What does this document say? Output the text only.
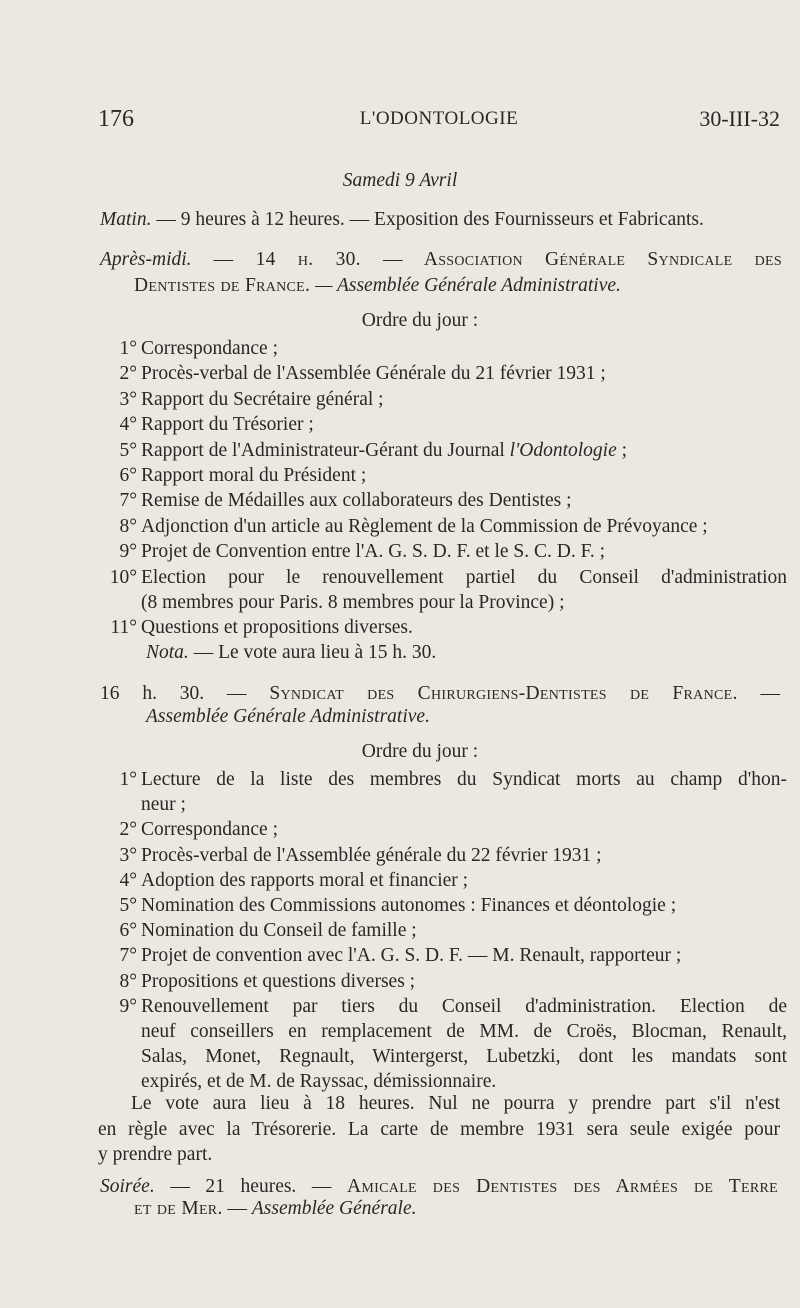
176	L'ODONTOLOGIE	30-III-32
Samedi 9 Avril
Matin. — 9 heures à 12 heures. — Exposition des Fournisseurs et Fabricants.
Après-midi. — 14 h. 30. — Association Générale Syndicale des
Dentistes de France. — Assemblée Générale Administrative.
Ordre du jour :
1° Correspondance ;
2° Procès-verbal de l'Assemblée Générale du 21 février 1931 ;
3° Rapport du Secrétaire général ;
4° Rapport du Trésorier ;
5° Rapport de l'Administrateur-Gérant du Journal l'Odontologie ;
6° Rapport moral du Président ;
7° Remise de Médailles aux collaborateurs des Dentistes ;
8° Adjonction d'un article au Règlement de la Commission de Prévoyance ;
9° Projet de Convention entre l'A. G. S. D. F. et le S. C. D. F. ;
10° Election pour le renouvellement partiel du Conseil d'administration
(8 membres pour Paris. 8 membres pour la Province) ;
11° Questions et propositions diverses.
Nota. — Le vote aura lieu à 15 h. 30.
16 h. 30. — Syndicat des Chirurgiens-Dentistes de France. —
Assemblée Générale Administrative.
Ordre du jour :
1° Lecture de la liste des membres du Syndicat morts au champ d'hon-
neur ;
2° Correspondance ;
3° Procès-verbal de l'Assemblée générale du 22 février 1931 ;
4° Adoption des rapports moral et financier ;
5° Nomination des Commissions autonomes : Finances et déontologie ;
6° Nomination du Conseil de famille ;
7° Projet de convention avec l'A. G. S. D. F. — M. Renault, rapporteur ;
8° Propositions et questions diverses ;
9° Renouvellement par tiers du Conseil d'administration. Election de
neuf conseillers en remplacement de MM. de Croës, Blocman, Renault,
Salas, Monet, Regnault, Wintergerst, Lubetzki, dont les mandats sont
expirés, et de M. de Rayssac, démissionnaire.
Le vote aura lieu à 18 heures. Nul ne pourra y prendre part s'il n'est
en règle avec la Trésorerie. La carte de membre 1931 sera seule exigée pour
y prendre part.
Soirée. — 21 heures. — Amicale des Dentistes des Armées de Terre
et de Mer. — Assemblée Générale.
